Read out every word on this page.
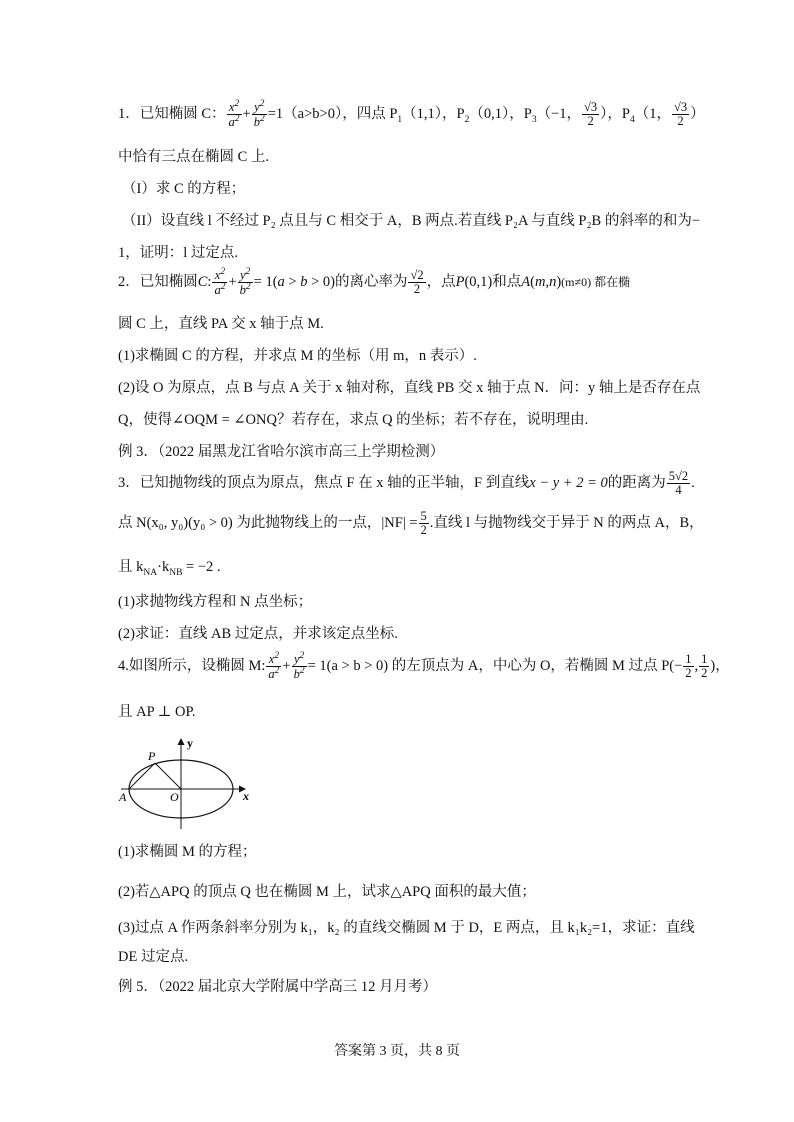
1．已知椭圆 C： $\frac{x^2}{a^2} + \frac{y^2}{b^2} =1(a>b>0)$，四点 $P_1(1,1)$，$P_2(0,1)$，$P_3(-1$， $\frac{√3}{2}$ ），$P_4(1$， $\frac{√3}{2}$ ）
中恰有三点在椭圆 C 上.
（I）求 C 的方程；
（II）设直线 l 不经过 P₂ 点且与 C 相交于 A，B 两点.若直线 P₂A 与直线 P₂B 的斜率的和为−
1，证明：l 过定点.
2．已知椭圆C: $\frac{x^2}{a^2} + \frac{y^2}{b^2} = 1(a > b > 0)$的离心率为 $\frac{√2}{2}$ ，点P(0,1)和点A(m,n)(m≠0) 都在椭
圆 C 上，直线 PA 交 x 轴于点 M.
(1)求椭圆 C 的方程，并求点 M 的坐标（用 m，n 表示）.
(2)设 O 为原点，点 B 与点 A 关于 x 轴对称，直线 PB 交 x 轴于点 N．问：y 轴上是否存在点
Q，使得∠OQM = ∠ONQ？若存在，求点 Q 的坐标；若不存在，说明理由.
例 3．（2022 届黑龙江省哈尔滨市高三上学期检测）
3．已知抛物线的顶点为原点，焦点 F 在 x 轴的正半轴，F 到直线x − y + 2 = 0的距离为 $\frac{5√2}{4}$ .
点 N(x₀, y₀)(y₀ > 0) 为此抛物线上的一点，$|NF| = \frac{5}{2}$ .直线 l 与抛物线交于异于 N 的两点 A，B，
且 $k_{NA}\cdot k_{NB} = -2$ .
(1)求抛物线方程和 N 点坐标；
(2)求证：直线 AB 过定点，并求该定点坐标.
4.如图所示，设椭圆 M: $\frac{x^2}{a^2} + \frac{y^2}{b^2} = 1(a > b > 0)$ 的左顶点为 A，中心为 O，若椭圆 M 过点 $P(- \frac{1}{2}$ , $\frac{1}{2}$ )，
且 AP ⊥ OP.
y
x
P
A	O
(1)求椭圆 M 的方程；
(2)若△APQ 的顶点 Q 也在椭圆 M 上，试求△APQ 面积的最大值；
(3)过点 A 作两条斜率分别为 k₁，k₂ 的直线交椭圆 M 于 D，E 两点，且 k₁k₂=1，求证：直线
DE 过定点.
例 5．（2022 届北京大学附属中学高三 12 月月考）
答案第 3 页，共 8 页
